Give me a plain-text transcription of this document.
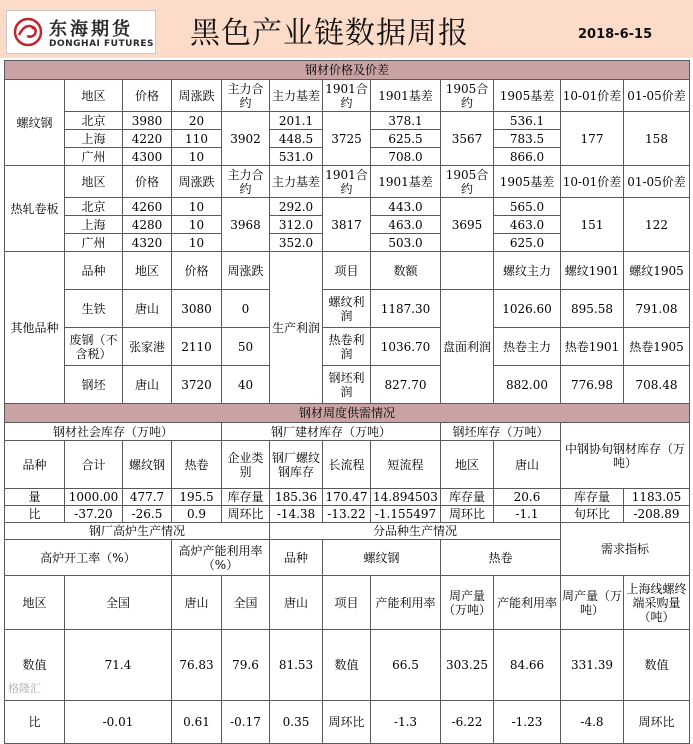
东海期货
DONGHAI FUTURES 黑色产业链数据周报	2018-6-15
钢材价格及价差												
螺纹钢	地区	价格	周涨跌	主力合约	主力基差	1901合约	1901基差	1905合约	1905基差	10-01价差	01-05价差	
	北京	3980	20	3902	201.1	3725	378.1	3567	536.1	177	158	
	上海	4220	110		448.5		625.5		783.5			
	广州	4300	10		531.0		708.0		866.0			
热轧卷板	地区	价格	周涨跌	主力合约	主力基差	1901合约	1901基差	1905合约	1905基差	10-01价差	01-05价差	
	北京	4260	10	3968	292.0	3817	443.0	3695	565.0	151	122	
	上海	4280	10		312.0		463.0		463.0			
	广州	4320	10		352.0		503.0		625.0			
其他品种	品种	地区	价格	周涨跌	生产利润	项目	数额		螺纹主力	螺纹1901	螺纹1905	
	生铁	唐山	3080	0		螺纹利润	1187.30	盘面利润	1026.60	895.58	791.08	
	废钢（不含税）	张家港	2110	50		热卷利润	1036.70		热卷主力	热卷1901	热卷1905	
	钢坯	唐山	3720	40		钢坯利润	827.70		882.00	776.98	708.48	
钢材周度供需情况												
钢材社会库存（万吨）				钢厂建材库存（万吨）				钢坯库存（万吨）		中钢协旬钢材库存（万吨）		
品种	合计	螺纹钢	热卷	企业类别	钢厂螺纹钢库存	长流程	短流程	地区	唐山			
量	1000.00	477.7	195.5	库存量	185.36	170.47	14.894503	库存量	20.6	库存量	1183.05	
比	-37.20	-26.5	0.9	周环比	-14.38	-13.22	-1.155497	周环比	-1.1	旬环比	-208.89	
钢厂高炉生产情况					分品种生产情况					需求指标		
高炉开工率（%）			高炉产能利用率（%）		品种	螺纹钢		热卷				
地区	全国		唐山	全国	唐山	项目	产能利用率	周产量（万吨）	产能利用率	周产量（万吨）	上海线螺终端采购量（吨）	
数值	71.4		76.83	79.6	81.53	数值	66.5	303.25	84.66	331.39	数值	
比	-0.01		0.61	-0.17	0.35	周环比	-1.3	-6.22	-1.23	-4.8	周环比	
格隆汇
